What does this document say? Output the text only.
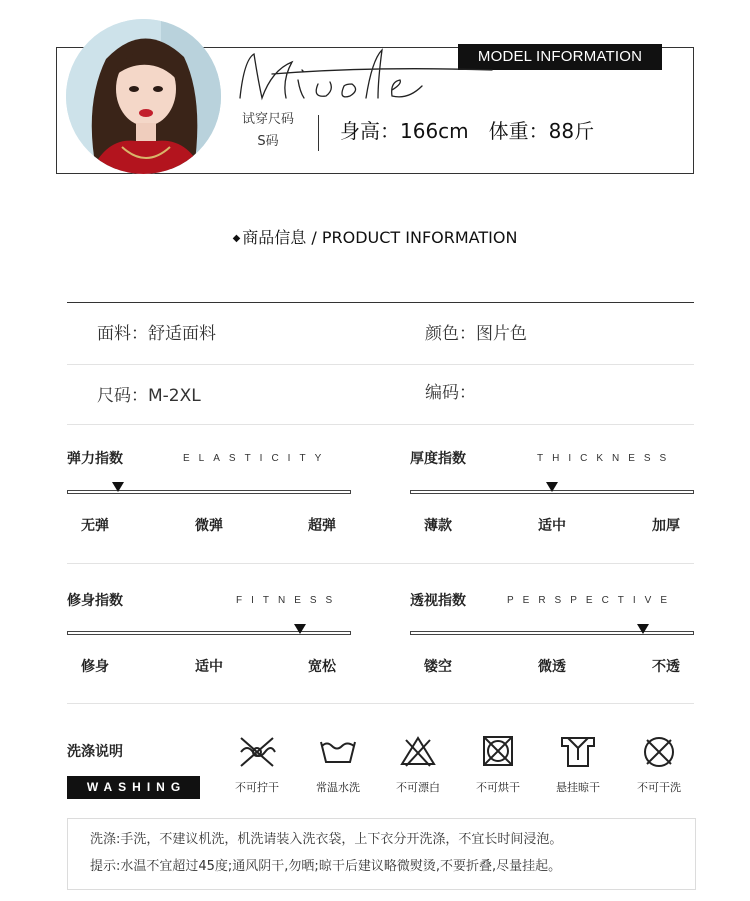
MODEL INFORMATION
试穿尺码
S码	身高：166cm 体重：88斤
◆ 商品信息 / PRODUCT INFORMATION
面料：舒适面料	颜色：图片色
尺码：M-2XL	编码：
弹力指数	ELASTICITY
无弹	微弹	超弹
厚度指数	THICKNESS
薄款	适中	加厚
修身指数	FITNESS
修身	适中	宽松
透视指数	PERSPECTIVE
镂空	微透	不透
洗涤说明
WASHING	不可拧干	常温水洗	不可漂白	不可烘干	悬挂晾干	不可干洗

洗涤:手洗，不建议机洗，机洗请装入洗衣袋，上下衣分开洗涤，不宜长时间浸泡。

提示:水温不宜超过45度;通风阴干,勿晒;晾干后建议略微熨烫,不要折叠,尽量挂起。
